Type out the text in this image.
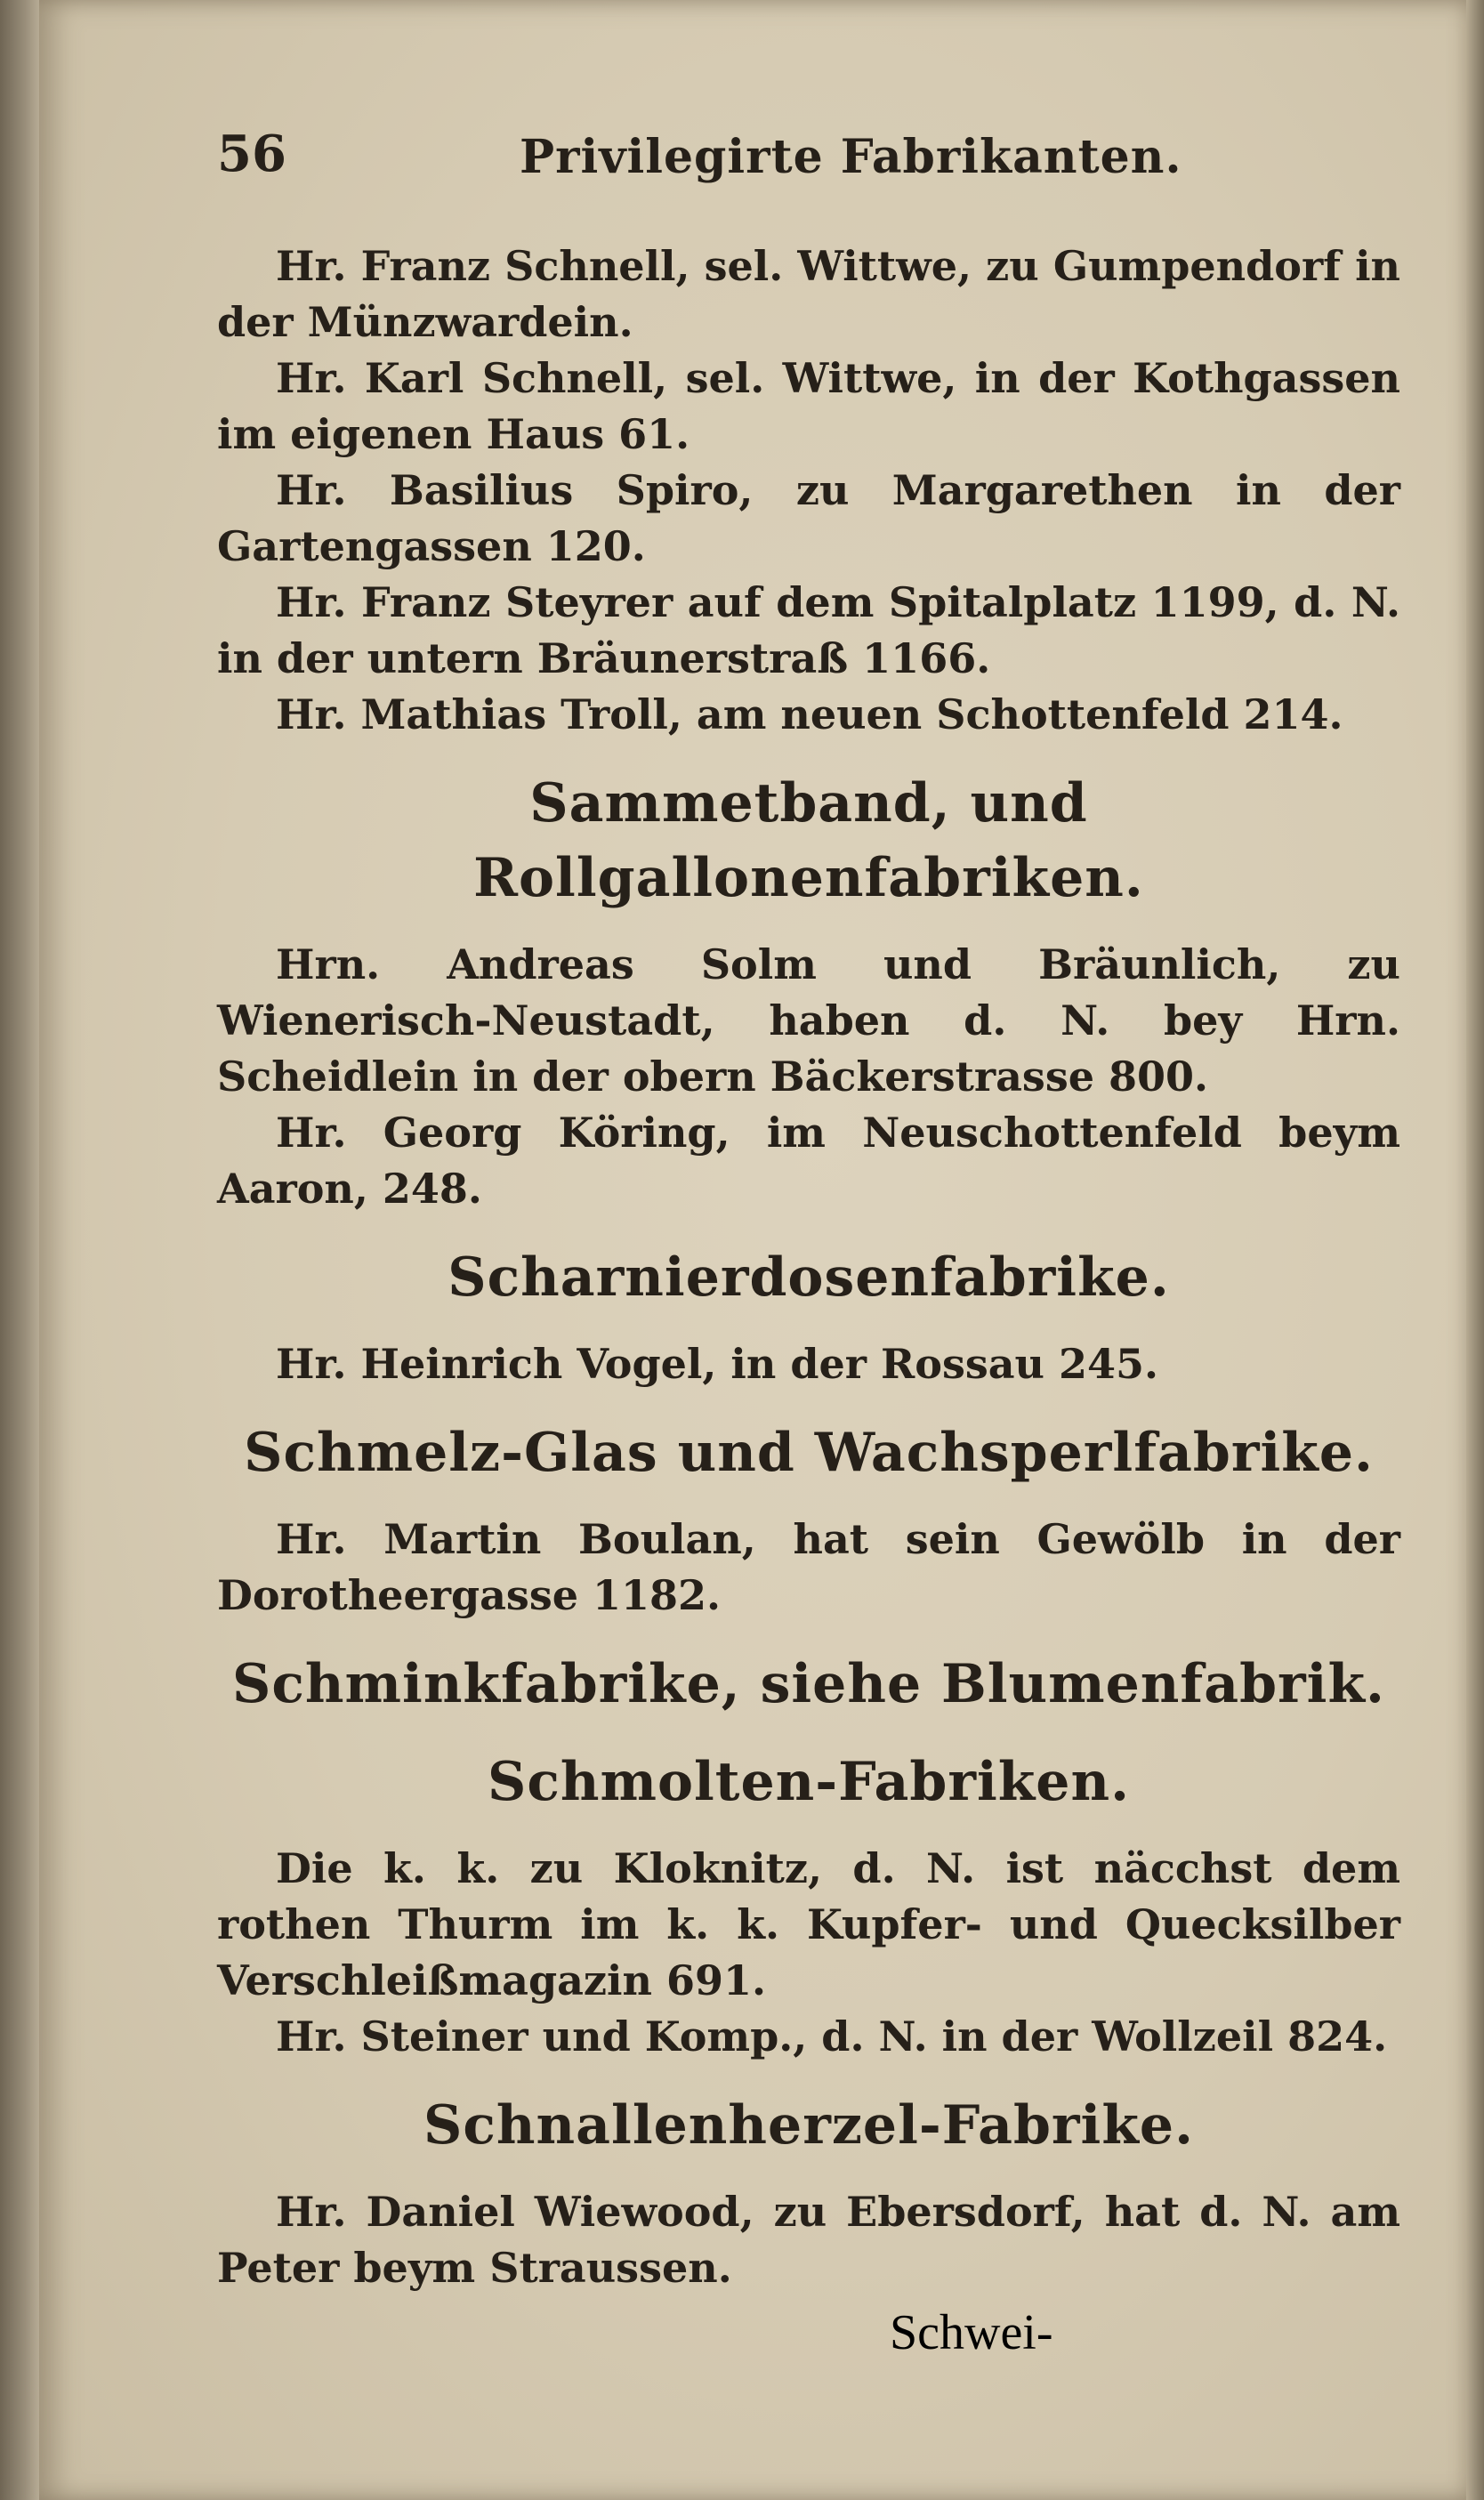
56	Privilegirte Fabrikanten.
Hr. Franz Schnell, sel. Wittwe, zu Gumpendorf in der Münzwardein.
Hr. Karl Schnell, sel. Wittwe, in der Kothgassen im eigenen Haus 61.
Hr. Basilius Spiro, zu Margarethen in der Gartengassen 120.
Hr. Franz Steyrer auf dem Spitalplatz 1199, d. N. in der untern Bräunerstraß 1166.
Hr. Mathias Troll, am neuen Schottenfeld 214.
Sammetband, und Rollgallonenfabriken.
Hrn. Andreas Solm und Bräunlich, zu Wienerisch-Neustadt, haben d. N. bey Hrn. Scheidlein in der obern Bäckerstrasse 800.
Hr. Georg Köring, im Neuschottenfeld beym Aaron, 248.
Scharnierdosenfabrike.
Hr. Heinrich Vogel, in der Rossau 245.
Schmelz-Glas und Wachsperlfabrike.
Hr. Martin Boulan, hat sein Gewölb in der Dorotheergasse 1182.
Schminkfabrike, siehe Blumenfabrik.
Schmolten-Fabriken.
Die k. k. zu Kloknitz, d. N. ist näcchst dem rothen Thurm im k. k. Kupfer- und Quecksilber Verschleißmagazin 691.
Hr. Steiner und Komp., d. N. in der Wollzeil 824.
Schnallenherzel-Fabrike.
Hr. Daniel Wiewood, zu Ebersdorf, hat d. N. am Peter beym Straussen.
Schwei-
